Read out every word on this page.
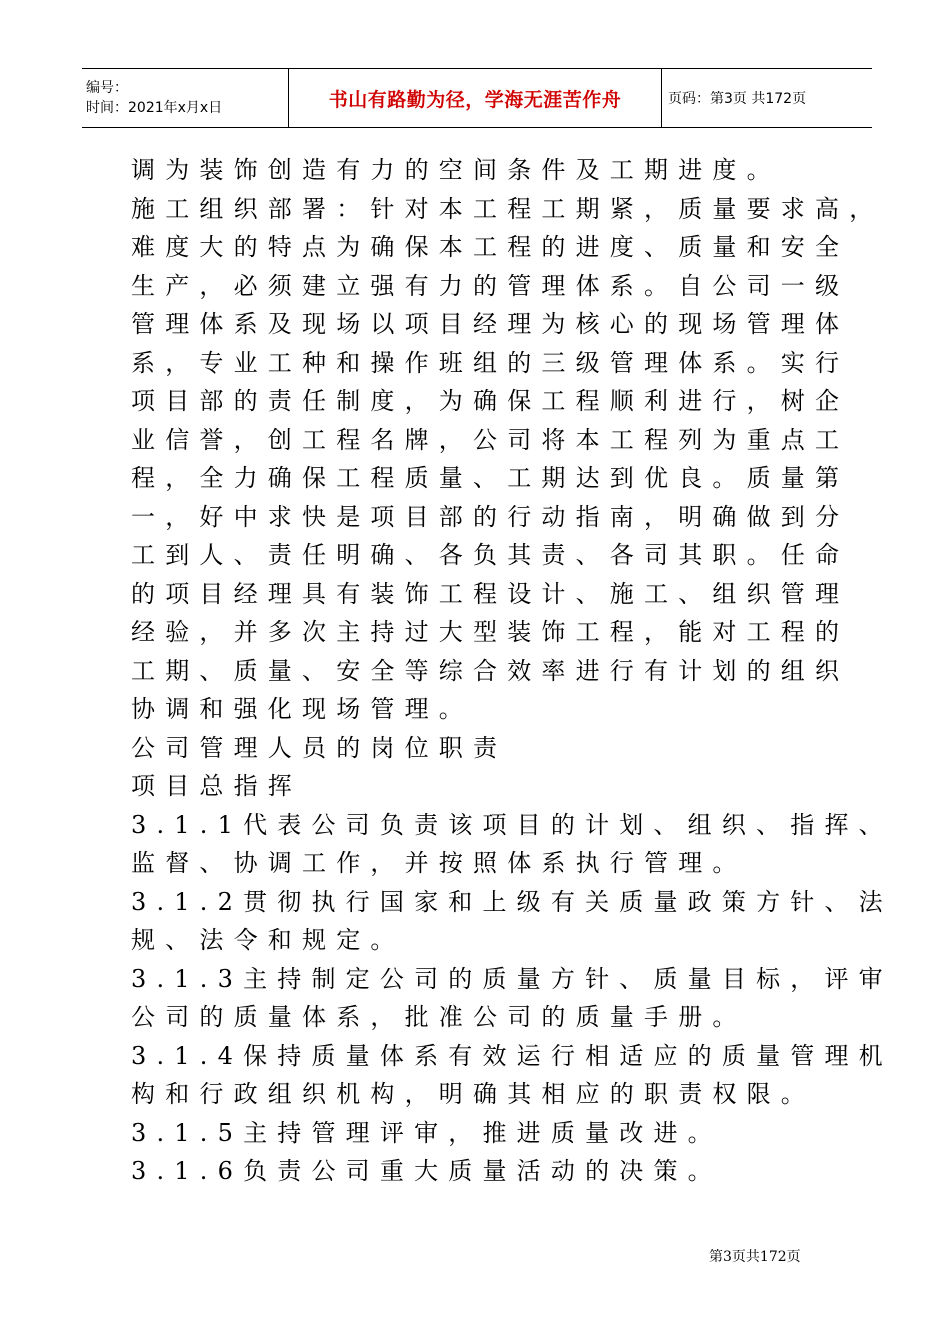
编号：
时间：2021年x月x日	书山有路勤为径，学海无涯苦作舟	页码：第3页 共172页
调为装饰创造有力的空间条件及工期进度。
施工组织部署：针对本工程工期紧，质量要求高，
难度大的特点为确保本工程的进度、质量和安全
生产，必须建立强有力的管理体系。自公司一级
管理体系及现场以项目经理为核心的现场管理体
系，专业工种和操作班组的三级管理体系。实行
项目部的责任制度，为确保工程顺利进行，树企
业信誉，创工程名牌，公司将本工程列为重点工
程，全力确保工程质量、工期达到优良。质量第
一，好中求快是项目部的行动指南，明确做到分
工到人、责任明确、各负其责、各司其职。任命
的项目经理具有装饰工程设计、施工、组织管理
经验，并多次主持过大型装饰工程，能对工程的
工期、质量、安全等综合效率进行有计划的组织
协调和强化现场管理。
公司管理人员的岗位职责
项目总指挥
3.1.1代表公司负责该项目的计划、组织、指挥、
监督、协调工作，并按照体系执行管理。
3.1.2贯彻执行国家和上级有关质量政策方针、法
规、法令和规定。
3.1.3主持制定公司的质量方针、质量目标，评审
公司的质量体系，批准公司的质量手册。
3.1.4保持质量体系有效运行相适应的质量管理机
构和行政组织机构，明确其相应的职责权限。
3.1.5主持管理评审，推进质量改进。
3.1.6负责公司重大质量活动的决策。
第3页共172页
